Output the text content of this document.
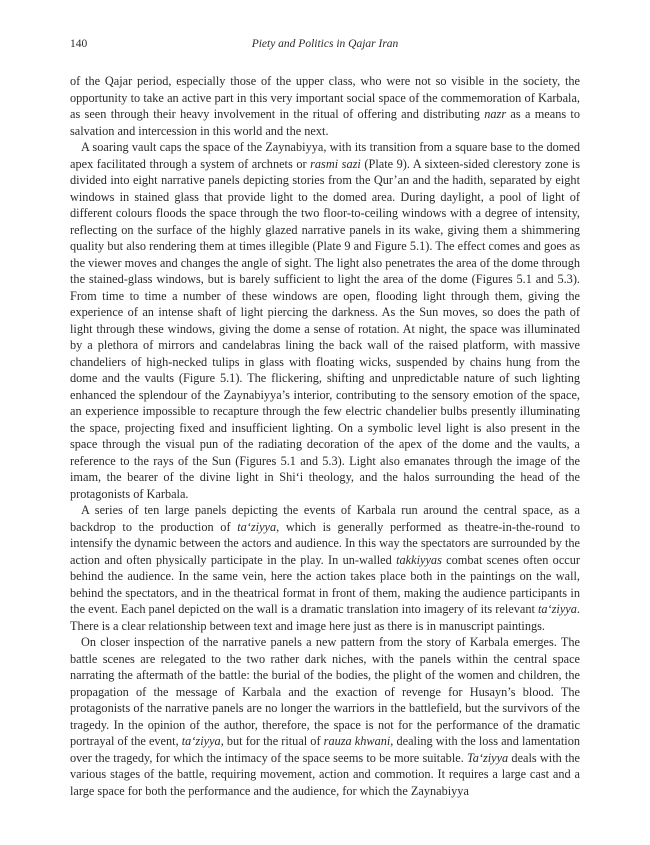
140	Piety and Politics in Qajar Iran

of the Qajar period, especially those of the upper class, who were not so visible in the society, the opportunity to take an active part in this very important social space of the commemoration of Karbala, as seen through their heavy involvement in the ritual of offering and distributing nazr as a means to salvation and intercession in this world and the next.

A soaring vault caps the space of the Zaynabiyya, with its transition from a square base to the domed apex facilitated through a system of archnets or rasmi sazi (Plate 9). A sixteen-sided clerestory zone is divided into eight narrative panels depicting stories from the Qur’an and the hadith, separated by eight windows in stained glass that provide light to the domed area. During daylight, a pool of light of different colours floods the space through the two floor-to-ceiling windows with a degree of intensity, reflecting on the surface of the highly glazed narrative panels in its wake, giving them a shimmering quality but also rendering them at times illegible (Plate 9 and Figure 5.1). The effect comes and goes as the viewer moves and changes the angle of sight. The light also penetrates the area of the dome through the stained-glass windows, but is barely sufficient to light the area of the dome (Figures 5.1 and 5.3). From time to time a number of these windows are open, flooding light through them, giving the experience of an intense shaft of light piercing the darkness. As the Sun moves, so does the path of light through these windows, giving the dome a sense of rotation. At night, the space was illuminated by a plethora of mirrors and candelabras lining the back wall of the raised platform, with massive chandeliers of high-necked tulips in glass with floating wicks, suspended by chains hung from the dome and the vaults (Figure 5.1). The flickering, shifting and unpredictable nature of such lighting enhanced the splendour of the Zaynabiyya’s interior, contributing to the sensory emotion of the space, an experience impossible to recapture through the few electric chandelier bulbs presently illuminating the space, projecting fixed and insufficient lighting. On a symbolic level light is also present in the space through the visual pun of the radiating decoration of the apex of the dome and the vaults, a reference to the rays of the Sun (Figures 5.1 and 5.3). Light also emanates through the image of the imam, the bearer of the divine light in Shi‘i theology, and the halos surrounding the head of the protagonists of Karbala.

A series of ten large panels depicting the events of Karbala run around the central space, as a backdrop to the production of ta‘ziyya, which is generally performed as theatre-in-the-round to intensify the dynamic between the actors and audience. In this way the spectators are surrounded by the action and often physically participate in the play. In un-walled takkiyyas combat scenes often occur behind the audience. In the same vein, here the action takes place both in the paintings on the wall, behind the spectators, and in the theatrical format in front of them, making the audience participants in the event. Each panel depicted on the wall is a dramatic translation into imagery of its relevant ta‘ziyya. There is a clear relationship between text and image here just as there is in manuscript paintings.

On closer inspection of the narrative panels a new pattern from the story of Karbala emerges. The battle scenes are relegated to the two rather dark niches, with the panels within the central space narrating the aftermath of the battle: the burial of the bodies, the plight of the women and children, the propagation of the message of Karbala and the exaction of revenge for Husayn’s blood. The protagonists of the narrative panels are no longer the warriors in the battlefield, but the survivors of the tragedy. In the opinion of the author, therefore, the space is not for the performance of the dramatic portrayal of the event, ta‘ziyya, but for the ritual of rauza khwani, dealing with the loss and lamentation over the tragedy, for which the intimacy of the space seems to be more suitable. Ta‘ziyya deals with the various stages of the battle, requiring movement, action and commotion. It requires a large cast and a large space for both the performance and the audience, for which the Zaynabiyya
